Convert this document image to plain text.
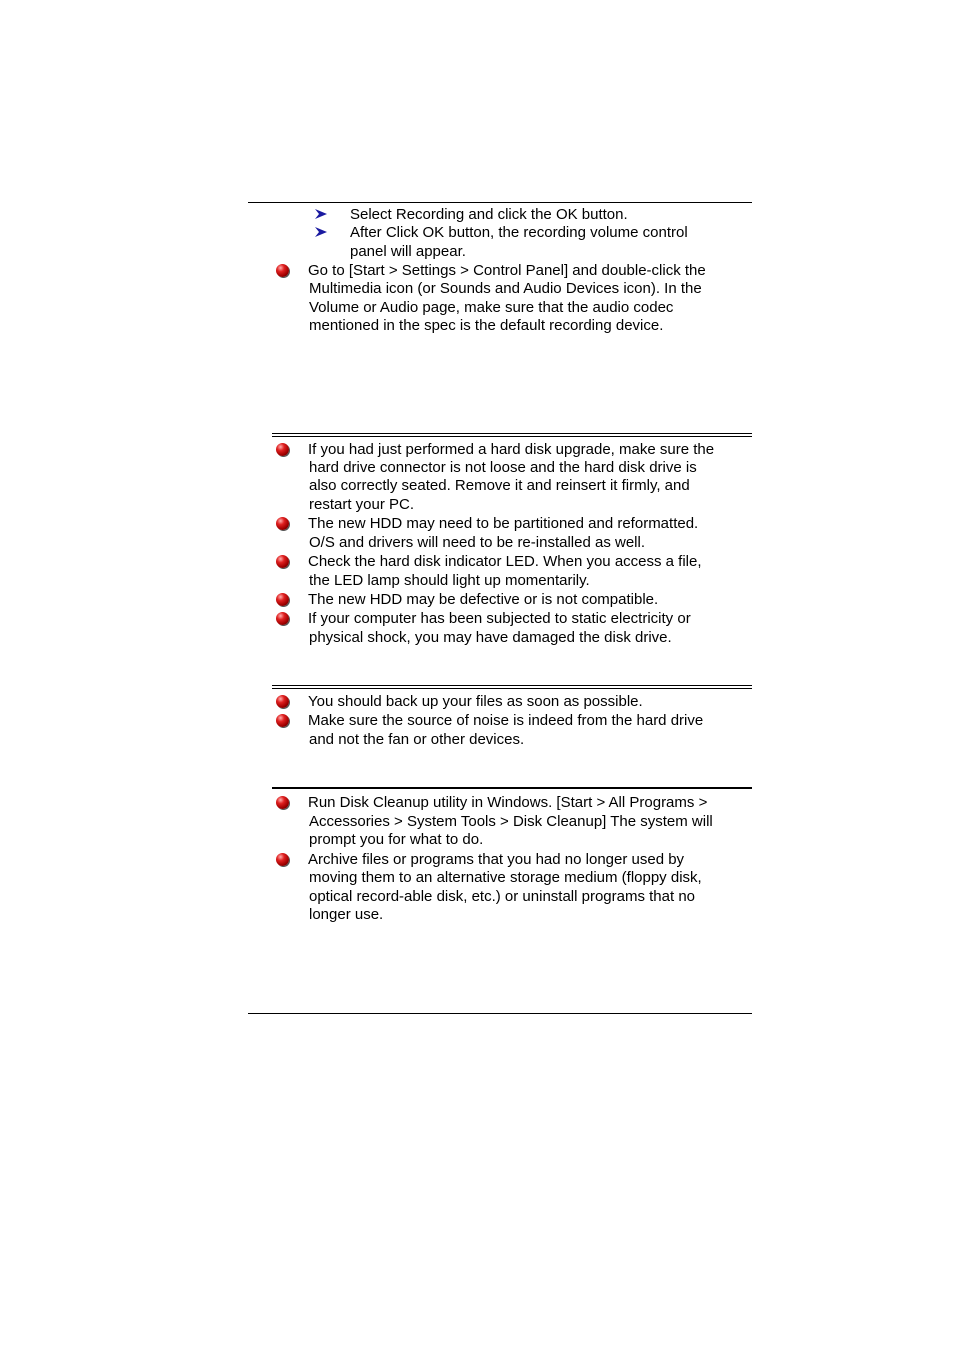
Select Recording and click the OK button.
After Click OK button, the recording volume control
panel will appear.
Go to [Start > Settings > Control Panel] and double-click the
Multimedia icon (or Sounds and Audio Devices icon). In the
Volume or Audio page, make sure that the audio codec
mentioned in the spec is the default recording device.
If you had just performed a hard disk upgrade, make sure the
hard drive connector is not loose and the hard disk drive is
also correctly seated. Remove it and reinsert it firmly, and
restart your PC.
The new HDD may need to be partitioned and reformatted.
O/S and drivers will need to be re-installed as well.
Check the hard disk indicator LED. When you access a file,
the LED lamp should light up momentarily.
The new HDD may be defective or is not compatible.
If your computer has been subjected to static electricity or
physical shock, you may have damaged the disk drive.
You should back up your files as soon as possible.
Make sure the source of noise is indeed from the hard drive
and not the fan or other devices.
Run Disk Cleanup utility in Windows. [Start > All Programs >
Accessories > System Tools > Disk Cleanup] The system will
prompt you for what to do.
Archive files or programs that you had no longer used by
moving them to an alternative storage medium (floppy disk,
optical record-able disk, etc.) or uninstall programs that no
longer use.
